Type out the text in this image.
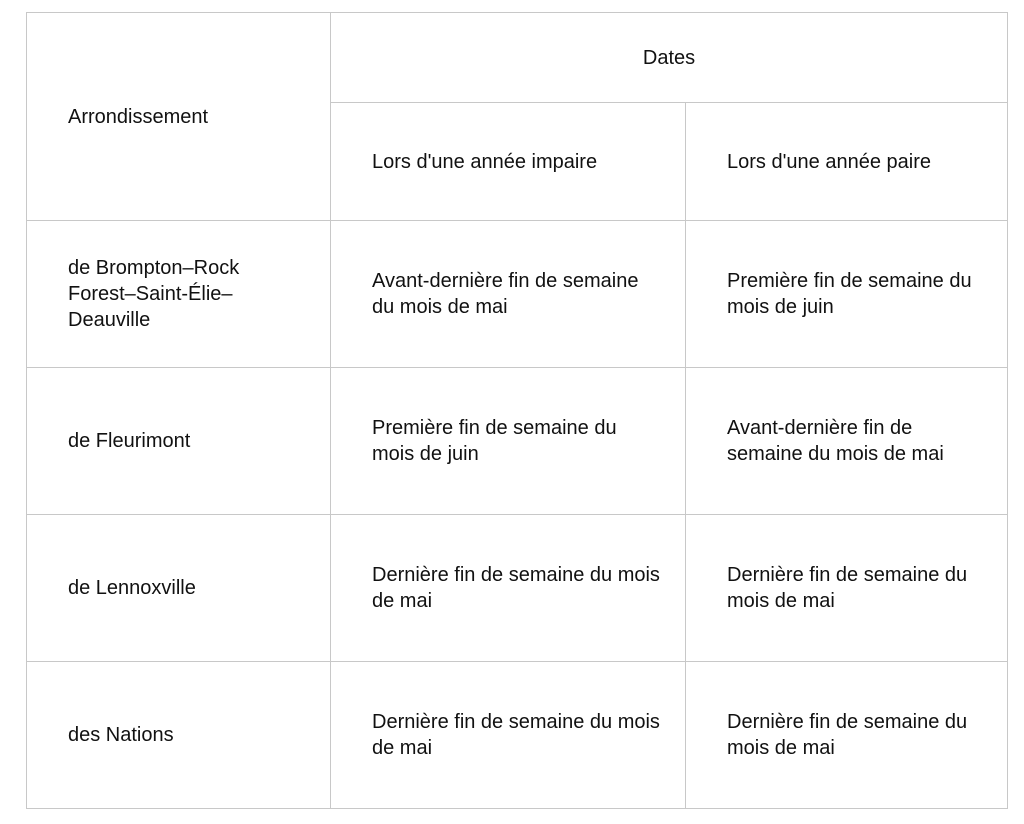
Arrondissement	Dates	
	Lors d'une année impaire	Lors d'une année paire
de Brompton–Rock Forest–Saint-Élie–Deauville	Avant-dernière fin de semaine du mois de mai	Première fin de semaine du mois de juin
de Fleurimont	Première fin de semaine du mois de juin	Avant-dernière fin de semaine du mois de mai
de Lennoxville	Dernière fin de semaine du mois de mai	Dernière fin de semaine du mois de mai
des Nations	Dernière fin de semaine du mois de mai	Dernière fin de semaine du mois de mai
